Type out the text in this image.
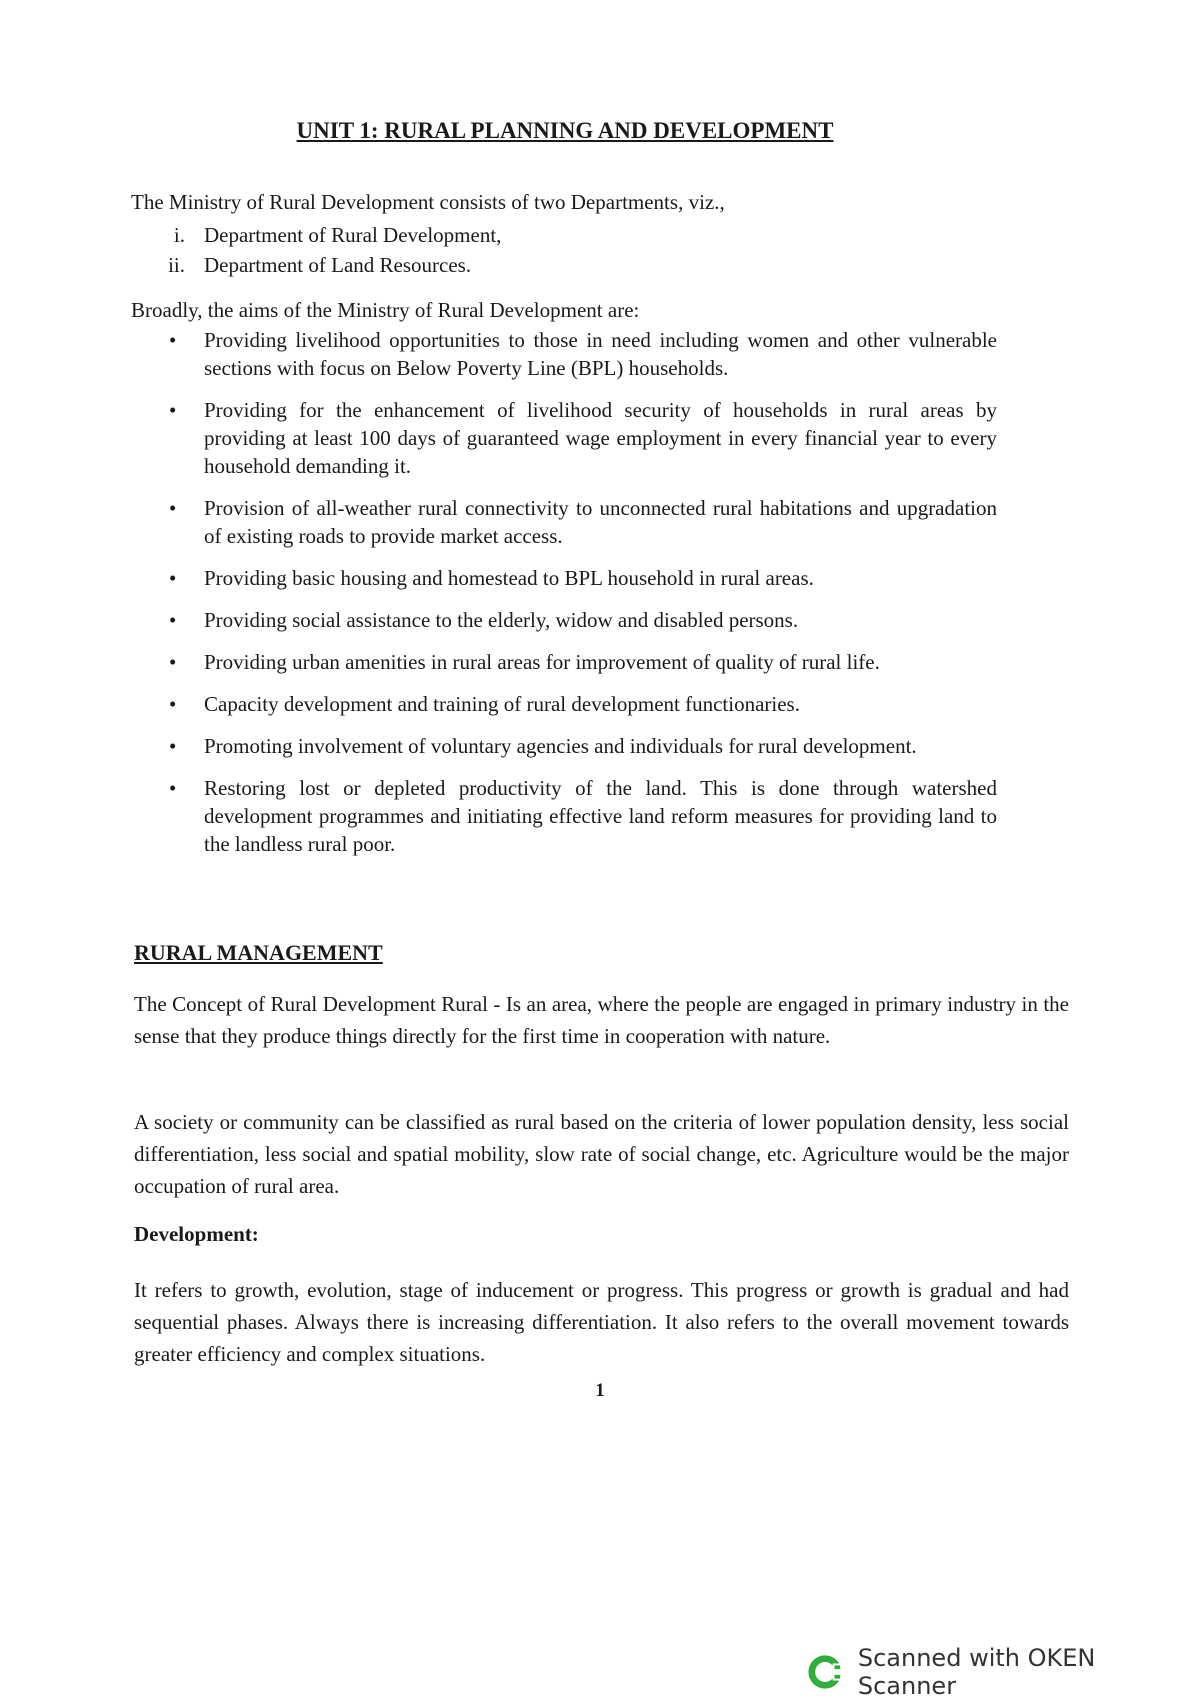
UNIT 1: RURAL PLANNING AND DEVELOPMENT

The Ministry of Rural Development consists of two Departments, viz.,

i. Department of Rural Development,
ii. Department of Land Resources.

Broadly, the aims of the Ministry of Rural Development are:

• Providing livelihood opportunities to those in need including women and other vulnerable sections with focus on Below Poverty Line (BPL) households.
• Providing for the enhancement of livelihood security of households in rural areas by providing at least 100 days of guaranteed wage employment in every financial year to every household demanding it.
• Provision of all-weather rural connectivity to unconnected rural habitations and upgradation of existing roads to provide market access.
• Providing basic housing and homestead to BPL household in rural areas.
• Providing social assistance to the elderly, widow and disabled persons.
• Providing urban amenities in rural areas for improvement of quality of rural life.
• Capacity development and training of rural development functionaries.
• Promoting involvement of voluntary agencies and individuals for rural development.
• Restoring lost or depleted productivity of the land. This is done through watershed development programmes and initiating effective land reform measures for providing land to the landless rural poor.
RURAL MANAGEMENT

The Concept of Rural Development Rural - Is an area, where the people are engaged in primary industry in the sense that they produce things directly for the first time in cooperation with nature.

A society or community can be classified as rural based on the criteria of lower population density, less social differentiation, less social and spatial mobility, slow rate of social change, etc. Agriculture would be the major occupation of rural area.

Development:

It refers to growth, evolution, stage of inducement or progress. This progress or growth is gradual and had sequential phases. Always there is increasing differentiation. It also refers to the overall movement towards greater efficiency and complex situations.

1
Scanned with OKEN Scanner
